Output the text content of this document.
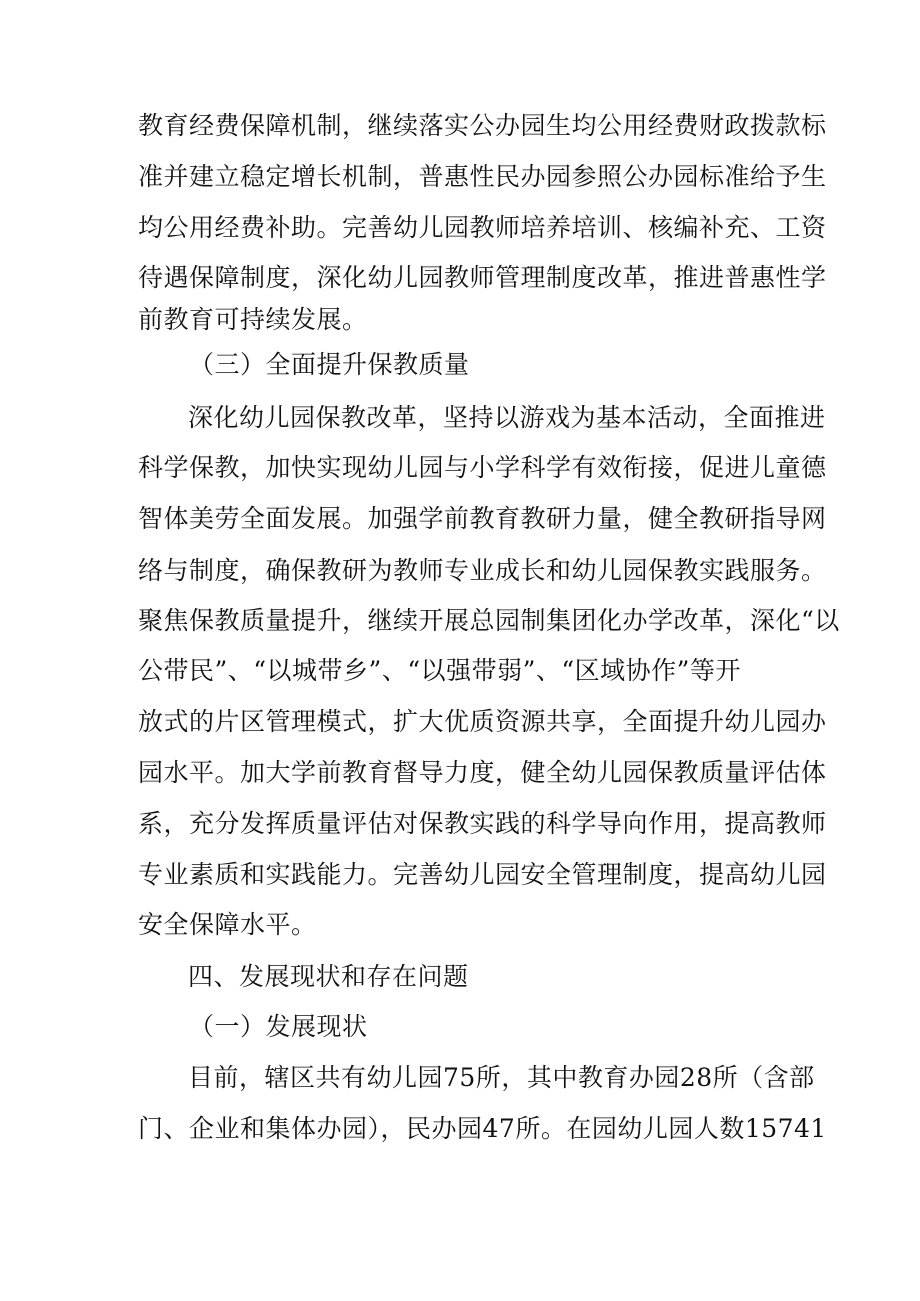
教育经费保障机制，继续落实公办园生均公用经费财政拨款标
准并建立稳定增长机制，普惠性民办园参照公办园标准给予生
均公用经费补助。完善幼儿园教师培养培训、核编补充、工资
待遇保障制度，深化幼儿园教师管理制度改革，推进普惠性学
前教育可持续发展。
（三）全面提升保教质量
深化幼儿园保教改革，坚持以游戏为基本活动，全面推进
科学保教，加快实现幼儿园与小学科学有效衔接，促进儿童德
智体美劳全面发展。加强学前教育教研力量，健全教研指导网
络与制度，确保教研为教师专业成长和幼儿园保教实践服务。
聚焦保教质量提升，继续开展总园制集团化办学改革，深化“以
公带民”、“以城带乡”、“以强带弱”、“区域协作”等开
放式的片区管理模式，扩大优质资源共享，全面提升幼儿园办
园水平。加大学前教育督导力度，健全幼儿园保教质量评估体
系，充分发挥质量评估对保教实践的科学导向作用，提高教师
专业素质和实践能力。完善幼儿园安全管理制度，提高幼儿园
安全保障水平。
四、发展现状和存在问题
（一）发展现状
目前，辖区共有幼儿园75所，其中教育办园28所（含部
门、企业和集体办园），民办园47所。在园幼儿园人数15741
